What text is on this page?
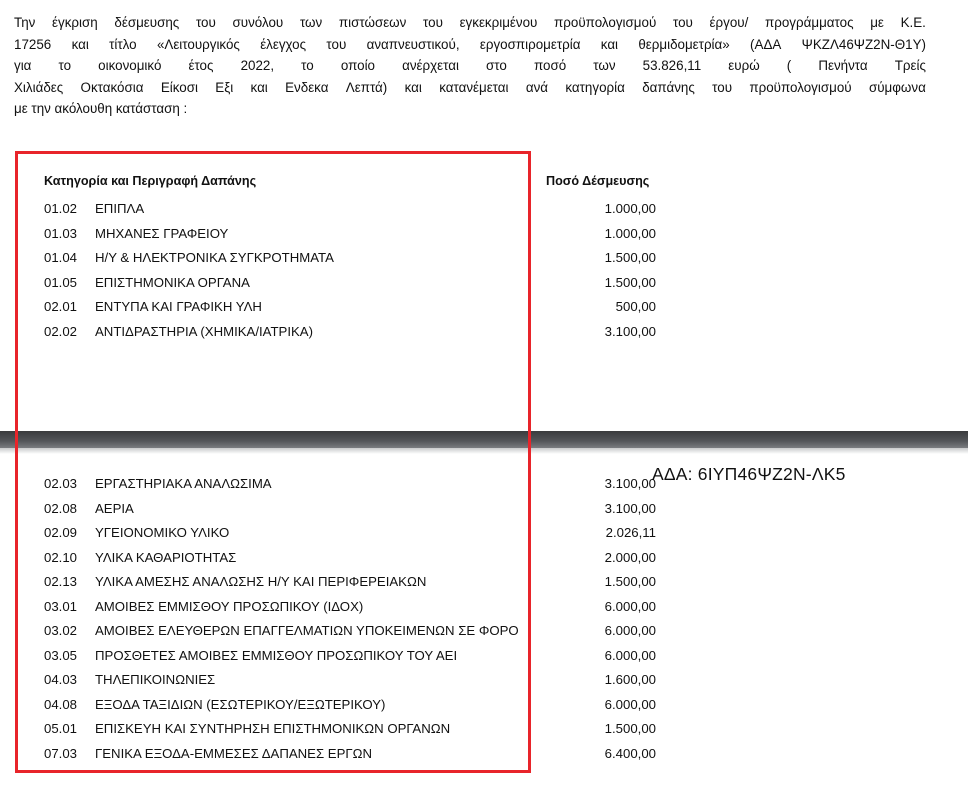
Την έγκριση δέσμευσης του συνόλου των πιστώσεων του εγκεκριμένου προϋπολογισμού του έργου/ προγράμματος με Κ.Ε.
17256 και τίτλο «Λειτουργικός έλεγχος του αναπνευστικού, εργοσπιρομετρία και θερμιδομετρία» (ΑΔΑ ΨΚΖΛ46ΨΖ2Ν-Θ1Υ)
για το οικονομικό έτος 2022, το οποίο ανέρχεται στο ποσό των 53.826,11 ευρώ ( Πενήντα Τρείς
Χιλιάδες Οκτακόσια Είκοσι Εξι και Ενδεκα Λεπτά) και κατανέμεται ανά κατηγορία δαπάνης του προϋπολογισμού σύμφωνα
με την ακόλουθη κατάσταση :
Κατηγορία και Περιγραφή Δαπάνης	Ποσό Δέσμευσης
01.02 ΕΠΙΠΛΑ	1.000,00
01.03 ΜΗΧΑΝΕΣ ΓΡΑΦΕΙΟΥ	1.000,00
01.04 Η/Υ & ΗΛΕΚΤΡΟΝΙΚΑ ΣΥΓΚΡΟΤΗΜΑΤΑ	1.500,00
01.05 ΕΠΙΣΤΗΜΟΝΙΚΑ ΟΡΓΑΝΑ	1.500,00
02.01 ΕΝΤΥΠΑ ΚΑΙ ΓΡΑΦΙΚΗ ΥΛΗ	500,00
02.02 ΑΝΤΙΔΡΑΣΤΗΡΙΑ (ΧΗΜΙΚΑ/ΙΑΤΡΙΚΑ)	3.100,00
02.03 ΕΡΓΑΣΤΗΡΙΑΚΑ ΑΝΑΛΩΣΙΜΑ	3.100,00
02.08 ΑΕΡΙΑ	3.100,00
02.09 ΥΓΕΙΟΝΟΜΙΚΟ ΥΛΙΚΟ	2.026,11
02.10 ΥΛΙΚΑ ΚΑΘΑΡΙΟΤΗΤΑΣ	2.000,00
02.13 ΥΛΙΚΑ ΑΜΕΣΗΣ ΑΝΑΛΩΣΗΣ Η/Υ ΚΑΙ ΠΕΡΙΦΕΡΕΙΑΚΩΝ	1.500,00
03.01 ΑΜΟΙΒΕΣ ΕΜΜΙΣΘΟΥ ΠΡΟΣΩΠΙΚΟΥ (ΙΔΟΧ)	6.000,00
03.02 ΑΜΟΙΒΕΣ ΕΛΕΥΘΕΡΩΝ ΕΠΑΓΓΕΛΜΑΤΙΩΝ ΥΠΟΚΕΙΜΕΝΩΝ ΣΕ ΦΟΡΟ	6.000,00
03.05 ΠΡΟΣΘΕΤΕΣ ΑΜΟΙΒΕΣ ΕΜΜΙΣΘΟΥ ΠΡΟΣΩΠΙΚΟΥ ΤΟΥ ΑΕΙ	6.000,00
04.03 ΤΗΛΕΠΙΚΟΙΝΩΝΙΕΣ	1.600,00
04.08 ΕΞΟΔΑ ΤΑΞΙΔΙΩΝ (ΕΣΩΤΕΡΙΚΟΥ/ΕΞΩΤΕΡΙΚΟΥ)	6.000,00
05.01 ΕΠΙΣΚΕΥΗ ΚΑΙ ΣΥΝΤΗΡΗΣΗ ΕΠΙΣΤΗΜΟΝΙΚΩΝ ΟΡΓΑΝΩΝ	1.500,00
07.03 ΓΕΝΙΚΑ ΕΞΟΔΑ-ΕΜΜΕΣΕΣ ΔΑΠΑΝΕΣ ΕΡΓΩΝ	6.400,00
ΑΔΑ: 6ΙΥΠ46ΨΖ2Ν-ΛΚ5
